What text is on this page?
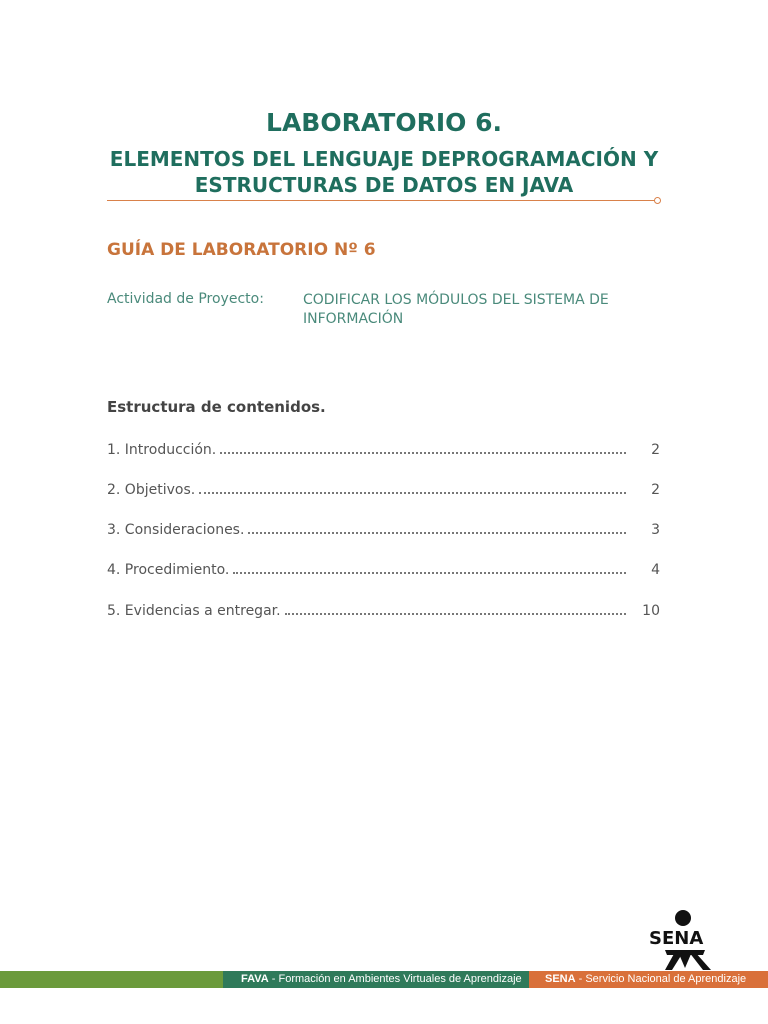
LABORATORIO 6.
ELEMENTOS DEL LENGUAJE DEPROGRAMACIÓN Y
ESTRUCTURAS DE DATOS EN JAVA
GUÍA DE LABORATORIO Nº 6
Actividad de Proyecto:	CODIFICAR LOS MÓDULOS DEL SISTEMA DE INFORMACIÓN
Estructura de contenidos.
1. Introducción.	2
2. Objetivos.	2
3. Consideraciones.	3
4. Procedimiento.	4
5. Evidencias a entregar.	10
SENA
FAVA - Formación en Ambientes Virtuales de Aprendizaje	SENA - Servicio Nacional de Aprendizaje
